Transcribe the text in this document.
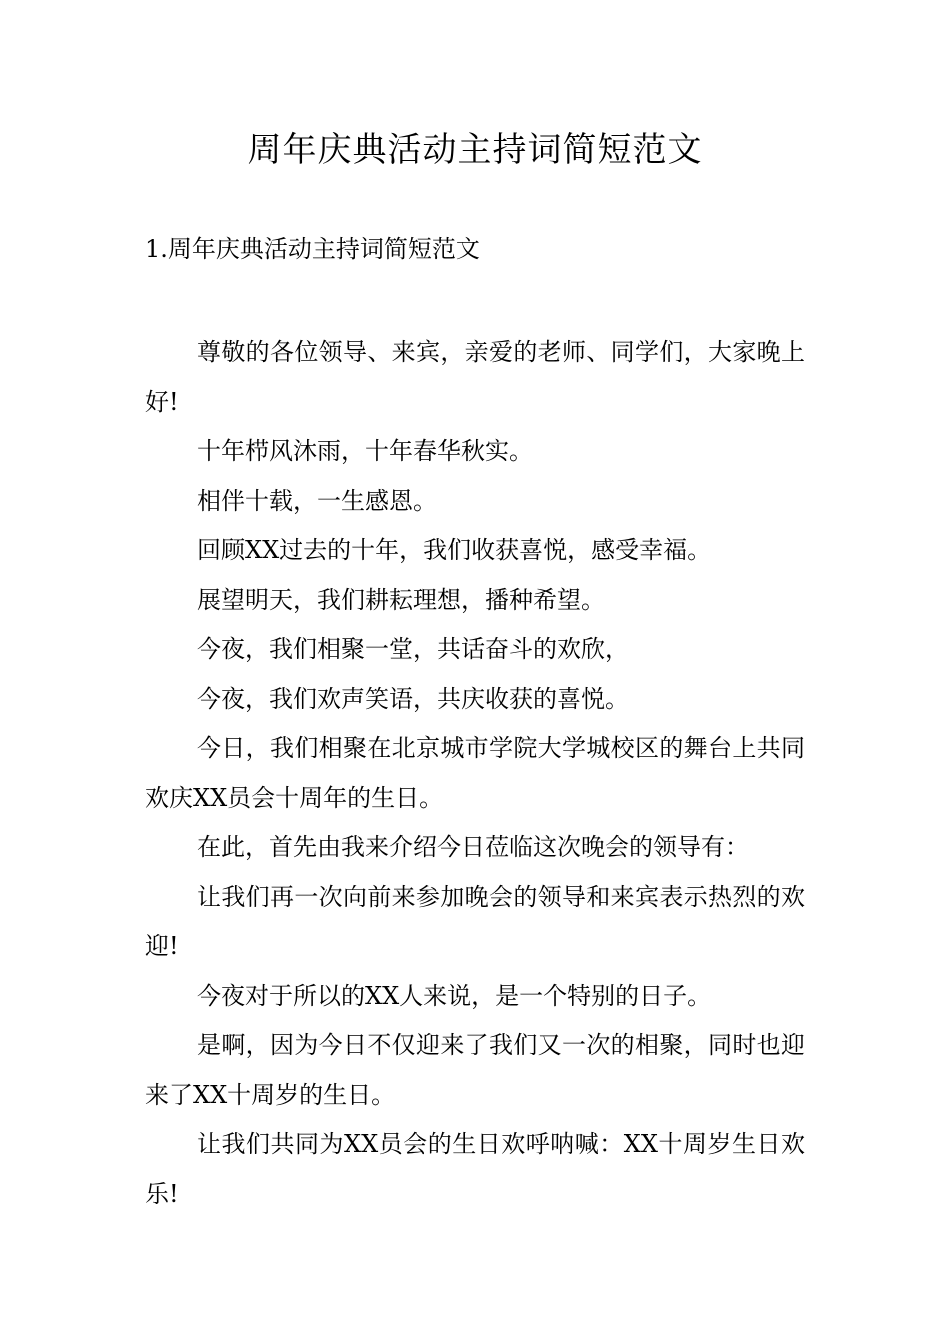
周年庆典活动主持词简短范文
1.周年庆典活动主持词简短范文

尊敬的各位领导、来宾，亲爱的老师、同学们，大家晚上好!

十年栉风沐雨，十年春华秋实。

相伴十载，一生感恩。

回顾XX过去的十年，我们收获喜悦，感受幸福。

展望明天，我们耕耘理想，播种希望。

今夜，我们相聚一堂，共话奋斗的欢欣，

今夜，我们欢声笑语，共庆收获的喜悦。

今日，我们相聚在北京城市学院大学城校区的舞台上共同欢庆XX员会十周年的生日。

在此，首先由我来介绍今日莅临这次晚会的领导有：

让我们再一次向前来参加晚会的领导和来宾表示热烈的欢迎!

今夜对于所以的XX人来说，是一个特别的日子。

是啊，因为今日不仅迎来了我们又一次的相聚，同时也迎来了XX十周岁的生日。

让我们共同为XX员会的生日欢呼呐喊：XX十周岁生日欢乐!
